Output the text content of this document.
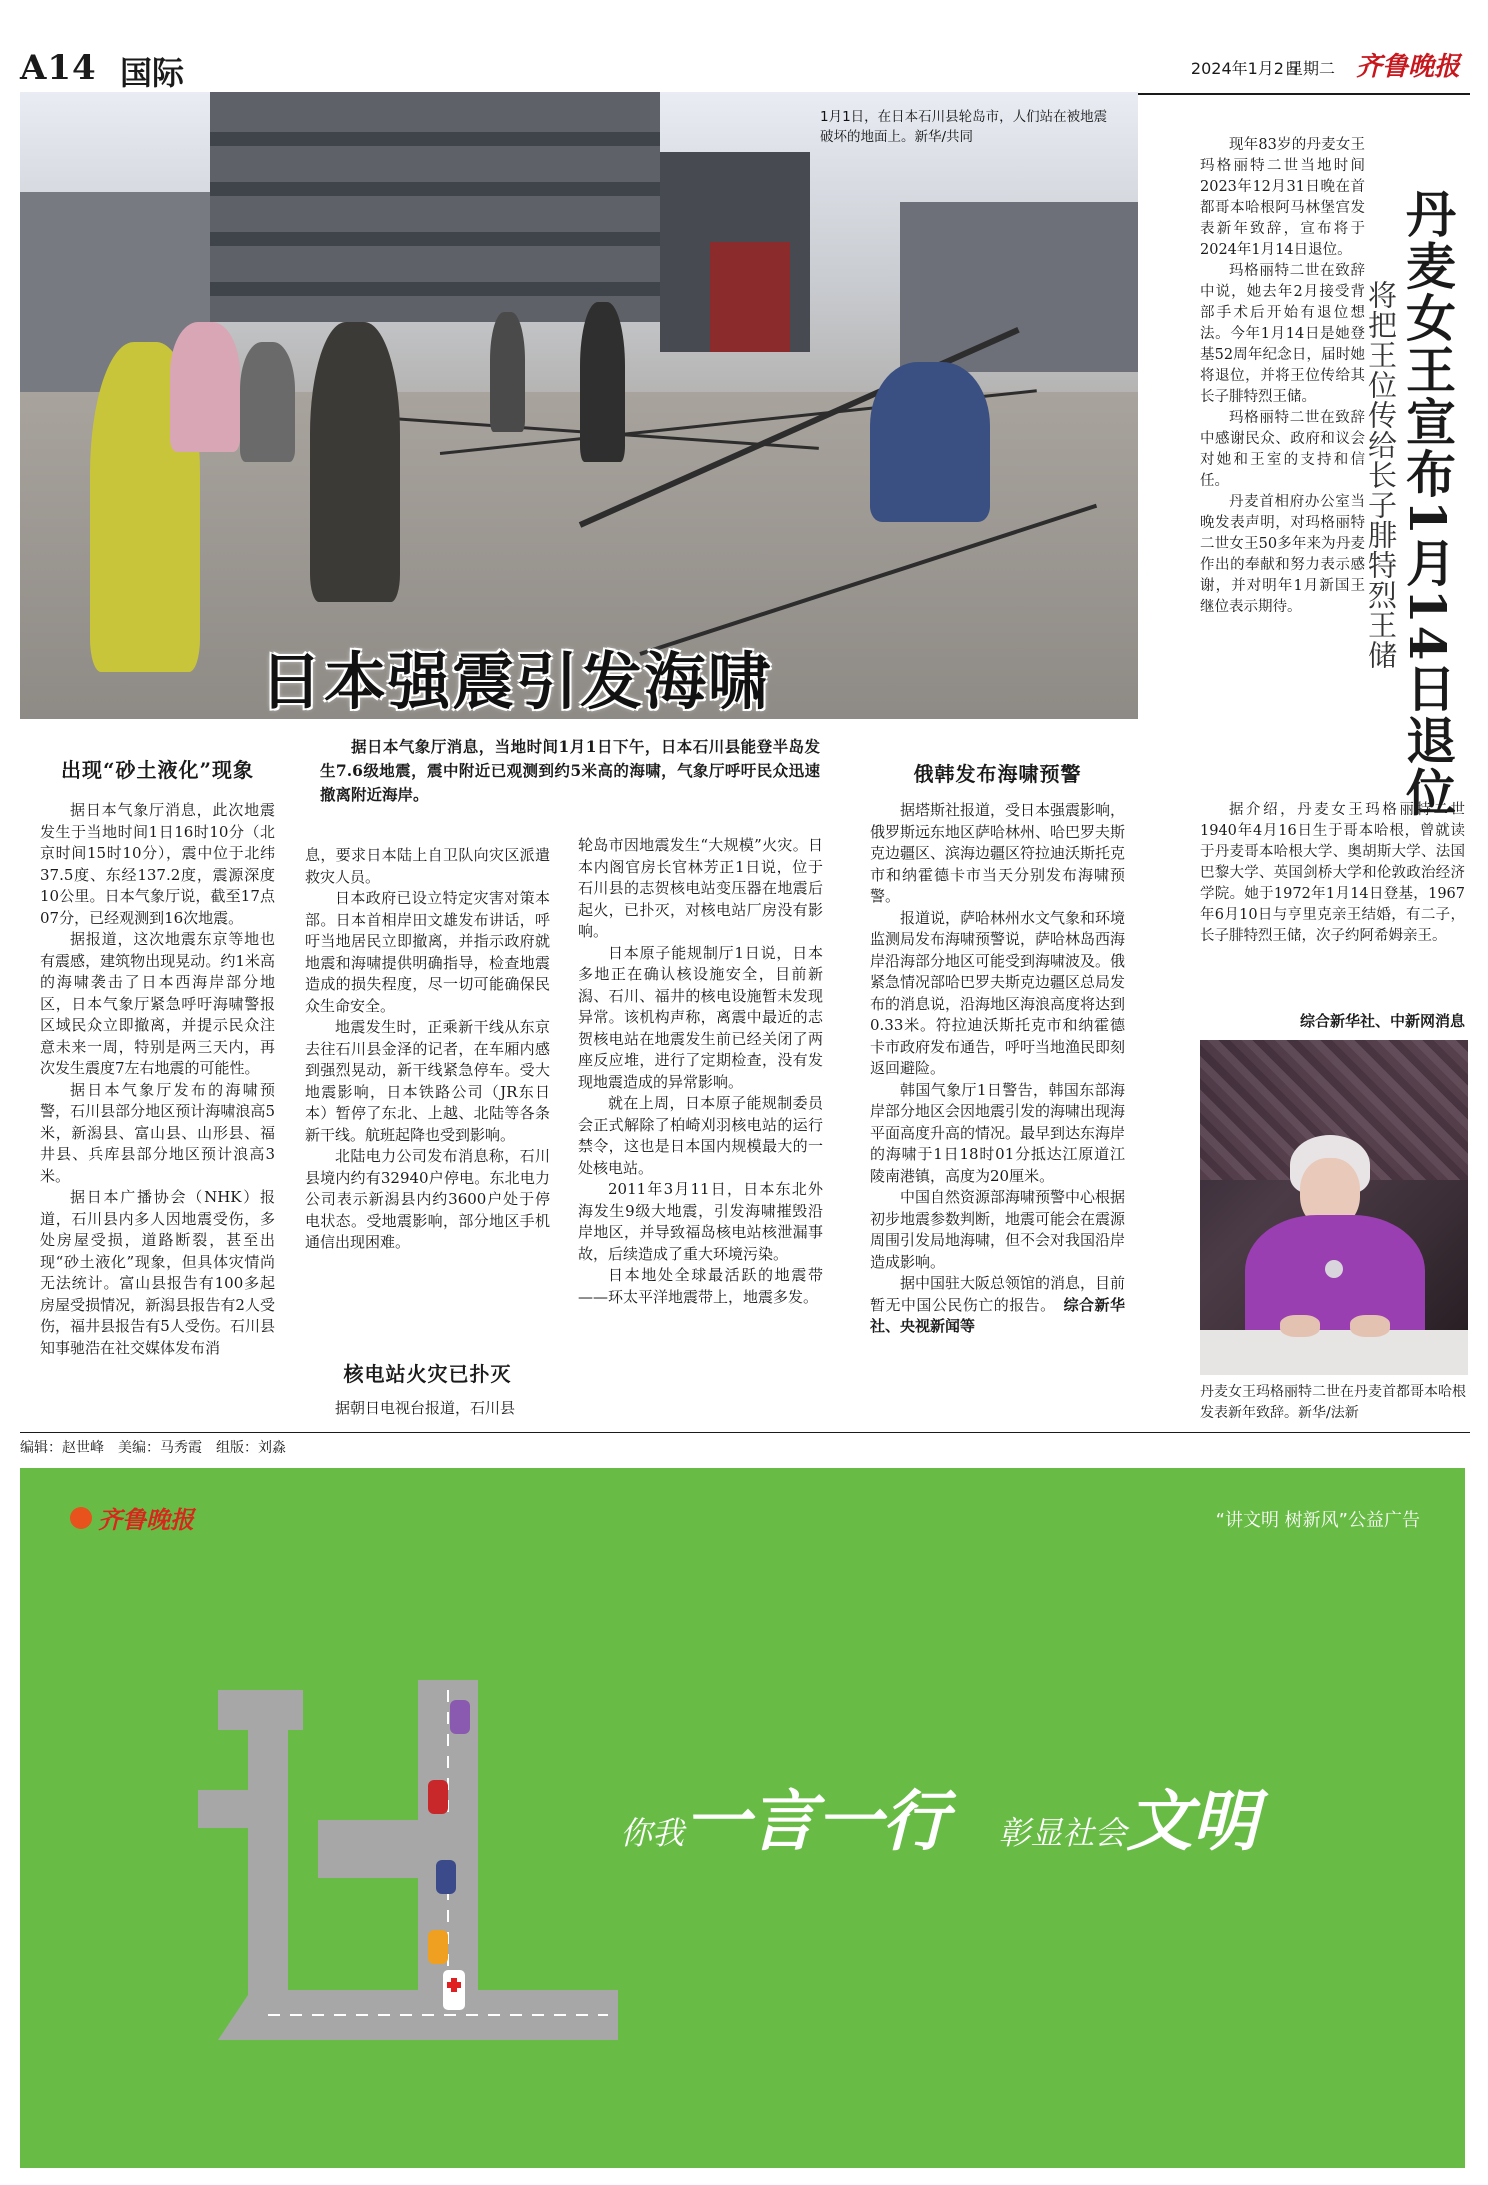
A14 国际	2024年1月2日
星期二 齐鲁晚报
1月1日，在日本石川县轮岛市，人们站在被地震破坏的地面上。新华/共同
日本强震引发海啸
据日本气象厅消息，当地时间1月1日下午，日本石川县能登半岛发生7.6级地震，震中附近已观测到约5米高的海啸，气象厅呼吁民众迅速撤离附近海岸。
出现“砂土液化”现象

据日本气象厅消息，此次地震发生于当地时间1日16时10分（北京时间15时10分），震中位于北纬37.5度、东经137.2度，震源深度10公里。日本气象厅说，截至17点07分，已经观测到16次地震。

据报道，这次地震东京等地也有震感，建筑物出现晃动。约1米高的海啸袭击了日本西海岸部分地区，日本气象厅紧急呼吁海啸警报区域民众立即撤离，并提示民众注意未来一周，特别是两三天内，再次发生震度7左右地震的可能性。

据日本气象厅发布的海啸预警，石川县部分地区预计海啸浪高5米，新潟县、富山县、山形县、福井县、兵库县部分地区预计浪高3米。

据日本广播协会（NHK）报道，石川县内多人因地震受伤，多处房屋受损，道路断裂，甚至出现“砂土液化”现象，但具体灾情尚无法统计。富山县报告有100多起房屋受损情况，新潟县报告有2人受伤，福井县报告有5人受伤。石川县知事驰浩在社交媒体发布消

息，要求日本陆上自卫队向灾区派遣救灾人员。

日本政府已设立特定灾害对策本部。日本首相岸田文雄发布讲话，呼吁当地居民立即撤离，并指示政府就地震和海啸提供明确指导，检查地震造成的损失程度，尽一切可能确保民众生命安全。

地震发生时，正乘新干线从东京去往石川县金泽的记者，在车厢内感到强烈晃动，新干线紧急停车。受大地震影响，日本铁路公司（JR东日本）暂停了东北、上越、北陆等各条新干线。航班起降也受到影响。

北陆电力公司发布消息称，石川县境内约有32940户停电。东北电力公司表示新潟县内约3600户处于停电状态。受地震影响，部分地区手机通信出现困难。

核电站火灾已扑灭

据朝日电视台报道，石川县

轮岛市因地震发生“大规模”火灾。日本内阁官房长官林芳正1日说，位于石川县的志贺核电站变压器在地震后起火，已扑灭，对核电站厂房没有影响。

日本原子能规制厅1日说，日本多地正在确认核设施安全，目前新潟、石川、福井的核电设施暂未发现异常。该机构声称，离震中最近的志贺核电站在地震发生前已经关闭了两座反应堆，进行了定期检查，没有发现地震造成的异常影响。

就在上周，日本原子能规制委员会正式解除了柏崎刈羽核电站的运行禁令，这也是日本国内规模最大的一处核电站。

2011年3月11日，日本东北外海发生9级大地震，引发海啸摧毁沿岸地区，并导致福岛核电站核泄漏事故，后续造成了重大环境污染。

日本地处全球最活跃的地震带——环太平洋地震带上，地震多发。

俄韩发布海啸预警

据塔斯社报道，受日本强震影响，俄罗斯远东地区萨哈林州、哈巴罗夫斯克边疆区、滨海边疆区符拉迪沃斯托克市和纳霍德卡市当天分别发布海啸预警。

报道说，萨哈林州水文气象和环境监测局发布海啸预警说，萨哈林岛西海岸沿海部分地区可能受到海啸波及。俄紧急情况部哈巴罗夫斯克边疆区总局发布的消息说，沿海地区海浪高度将达到0.33米。符拉迪沃斯托克市和纳霍德卡市政府发布通告，呼吁当地渔民即刻返回避险。

韩国气象厅1日警告，韩国东部海岸部分地区会因地震引发的海啸出现海平面高度升高的情况。最早到达东海岸的海啸于1日18时01分抵达江原道江陵南港镇，高度为20厘米。

中国自然资源部海啸预警中心根据初步地震参数判断，地震可能会在震源周围引发局地海啸，但不会对我国沿岸造成影响。

据中国驻大阪总领馆的消息，目前暂无中国公民伤亡的报告。　 综合新华社、央视新闻等

丹麦女王宣布1月14日退位
将把王位传给长子腓特烈王储

现年83岁的丹麦女王玛格丽特二世当地时间2023年12月31日晚在首都哥本哈根阿马林堡宫发表新年致辞，宣布将于2024年1月14日退位。

玛格丽特二世在致辞中说，她去年2月接受背部手术后开始有退位想法。今年1月14日是她登基52周年纪念日，届时她将退位，并将王位传给其长子腓特烈王储。

玛格丽特二世在致辞中感谢民众、政府和议会对她和王室的支持和信任。

丹麦首相府办公室当晚发表声明，对玛格丽特二世女王50多年来为丹麦作出的奉献和努力表示感谢，并对明年1月新国王继位表示期待。

据介绍，丹麦女王玛格丽特二世1940年4月16日生于哥本哈根，曾就读于丹麦哥本哈根大学、奥胡斯大学、法国巴黎大学、英国剑桥大学和伦敦政治经济学院。她于1972年1月14日登基，1967年6月10日与亨里克亲王结婚，有二子，长子腓特烈王储，次子约阿希姆亲王。

综合新华社、中新网消息
丹麦女王玛格丽特二世在丹麦首都哥本哈根发表新年致辞。新华/法新
编辑：赵世峰　美编：马秀霞　组版：刘淼
齐鲁晚报	“讲文明 树新风”公益广告
你我一言一行 彰显社会文明
